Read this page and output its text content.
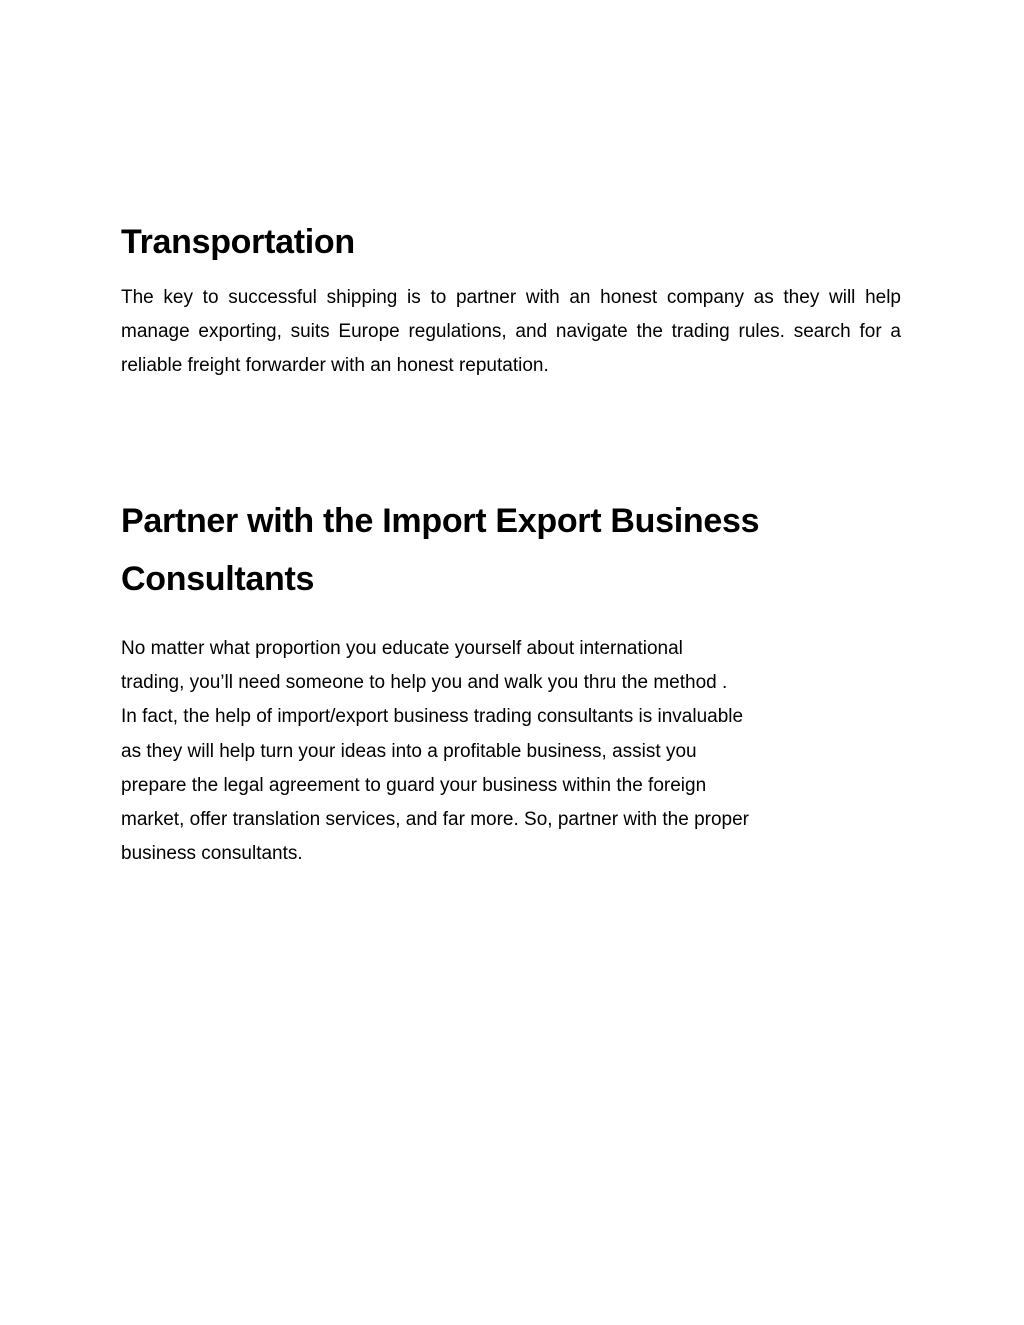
Transportation

The key to successful shipping is to partner with an honest company as they will help manage exporting, suits Europe regulations, and navigate the trading rules. search for a reliable freight forwarder with an honest reputation.

Partner with the Import Export Business Consultants

No matter what proportion you educate yourself about international
trading, you’ll need someone to help you and walk you thru the method .
In fact, the help of import/export business trading consultants is invaluable
as they will help turn your ideas into a profitable business, assist you
prepare the legal agreement to guard your business within the foreign
market, offer translation services, and far more. So, partner with the proper
business consultants.
